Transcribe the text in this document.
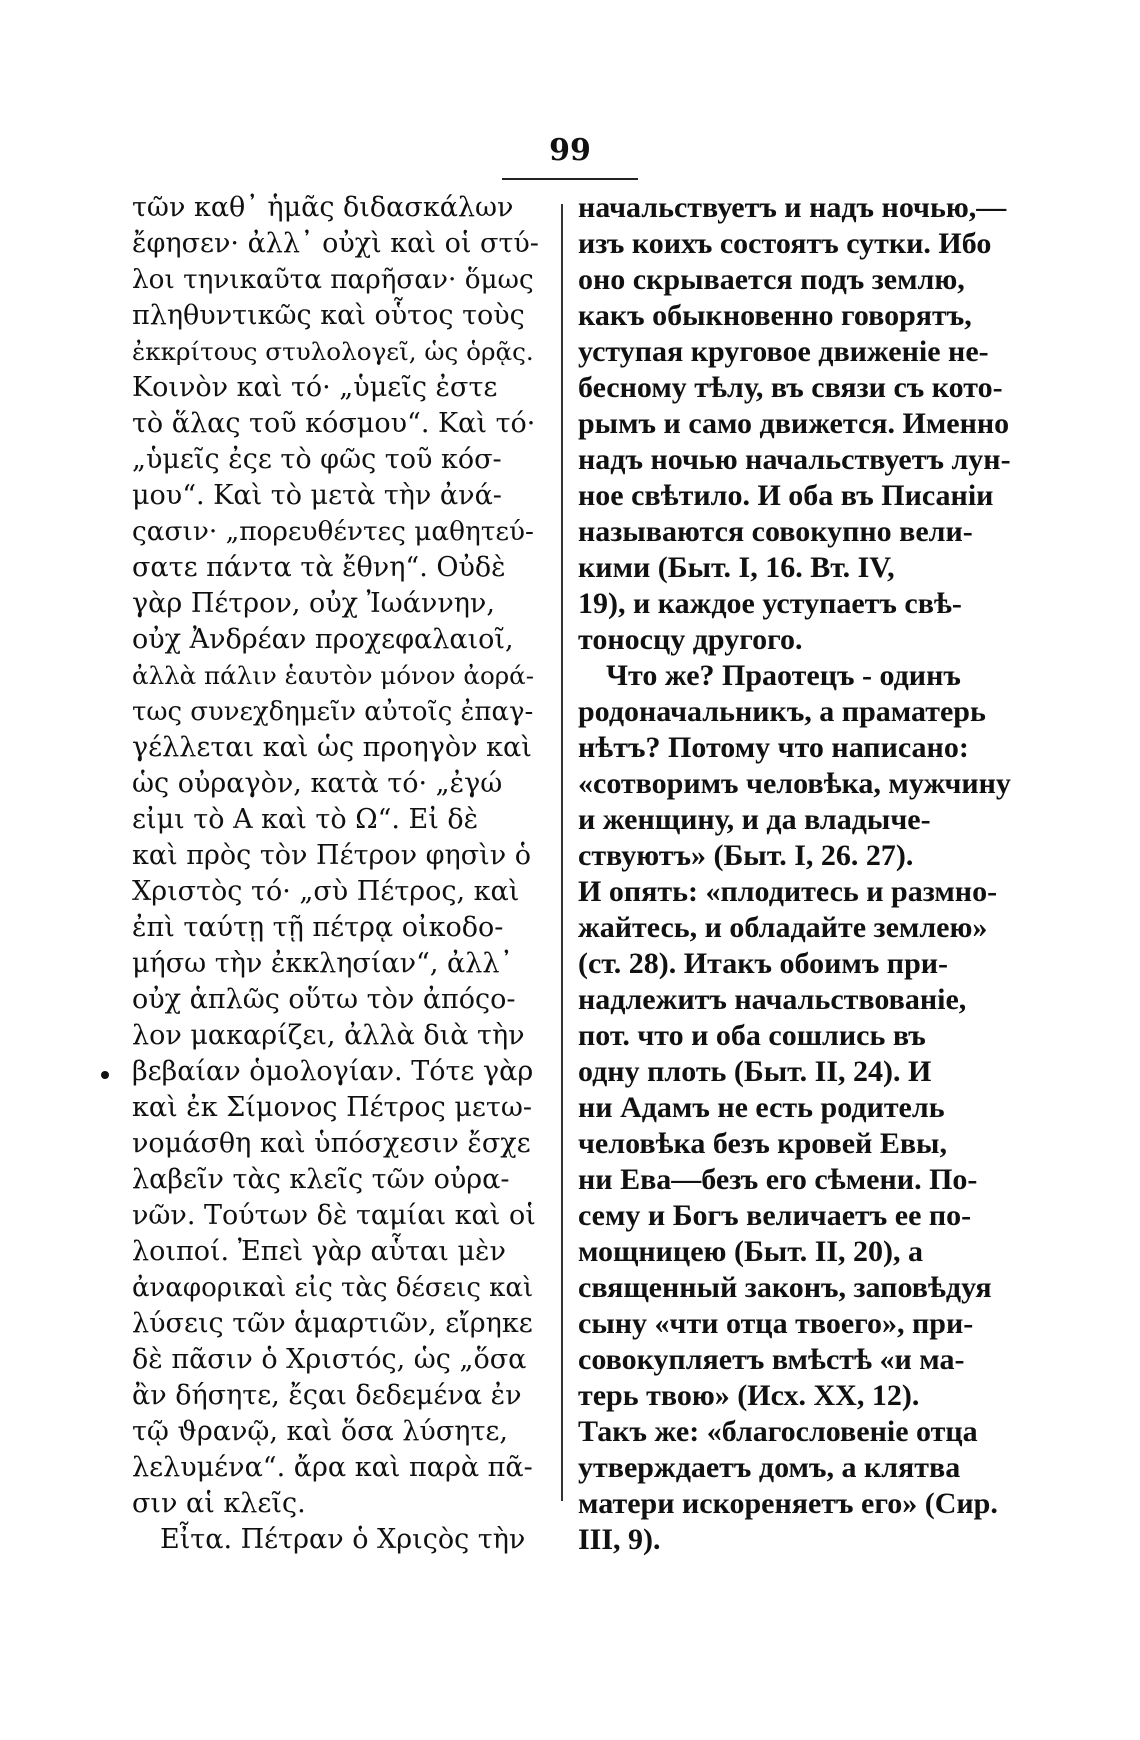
99
τῶν καθ᾽ ἡμᾶς διδασκάλων
ἔφησεν· ἀλλ᾽ οὐχὶ καὶ οἱ στύ-
λοι τηνικαῦτα παρῆσαν· ὅμως
πληθυντικῶς καὶ οὗτος τοὺς
ἐκκρίτους στυλολογεῖ, ὡς ὁρᾷς.
Κοινὸν καὶ τό· „ὑμεῖς ἐστε
τὸ ἅλας τοῦ κόσμου“. Καὶ τό·
„ὑμεῖς ἐςε τὸ φῶς τοῦ κόσ-
μου“. Καὶ τὸ μετὰ τὴν ἀνά-
ςασιν· „πορευθέντες μαθητεύ-
σατε πάντα τὰ ἔθνη“. Οὐδὲ
γὰρ Πέτρον, οὐχ Ἰωάννην,
οὐχ Ἀνδρέαν προχεφαλαιοῖ,
ἀλλὰ πάλιν ἑαυτὸν μόνον ἀορά-
τως συνεχδημεῖν αὐτοῖς ἐπαγ-
γέλλεται καὶ ὡς προηγὸν καὶ
ὡς οὐραγὸν, κατὰ τό· „ἐγώ
εἰμι τὸ Α καὶ τὸ Ω“. Εἰ δὲ
καὶ πρὸς τὸν Πέτρον φησὶν ὁ
Χριστὸς τό· „σὺ Πέτρος, καὶ
ἐπὶ ταύτῃ τῇ πέτρᾳ οἰκοδο-
μήσω τὴν ἐκκλησίαν“, ἀλλ᾽
οὐχ ἁπλῶς οὕτω τὸν ἀπόςο-
λον μακαρίζει, ἀλλὰ διὰ τὴν
βεβαίαν ὁμολογίαν. Τότε γὰρ
καὶ ἐκ Σίμονος Πέτρος μετω-
νομάσθη καὶ ὑπόσχεσιν ἔσχε
λαβεῖν τὰς κλεῖς τῶν οὐρα-
νῶν. Τούτων δὲ ταμίαι καὶ οἱ
λοιποί. Ἐπεὶ γὰρ αὗται μὲν
ἀναφορικαὶ εἰς τὰς δέσεις καὶ
λύσεις τῶν ἁμαρτιῶν, εἴρηκε
δὲ πᾶσιν ὁ Χριστός, ὡς „ὅσα
ἂν δήσητε, ἔςαι δεδεμένα ἐν
τῷ ϑρανῷ, καὶ ὅσα λύσητε,
λελυμένα“. ἄρα καὶ παρὰ πᾶ-
σιν αἱ κλεῖς.
Εἶτα. Πέτραν ὁ Χριςὸς τὴν
начальствуетъ и надъ ночью,—
изъ коихъ состоятъ сутки. Ибо
оно скрывается подъ землю,
какъ обыкновенно говорятъ,
уступая круговое движенiе не-
бесному тѣлу, въ связи съ кото-
рымъ и само движется. Именно
надъ ночью начальствуетъ лун-
ное свѣтило. И оба въ Писанiи
называются совокупно вели-
кими (Быт. I, 16. Вт. IV,
19), и каждое уступаетъ свѣ-
тоносцу другого.
Что же? Праотецъ - одинъ
родоначальникъ, а праматерь
нѣтъ? Потому что написано:
«сотворимъ человѣка, мужчину
и женщину, и да владыче-
ствуютъ» (Быт. I, 26. 27).
И опять: «плодитесь и размно-
жайтесь, и обладайте землею»
(ст. 28). Итакъ обоимъ при-
надлежитъ начальствованiе,
пот. что и оба сошлись въ
одну плоть (Быт. II, 24). И
ни Адамъ не есть родитель
человѣка безъ кровей Евы,
ни Ева—безъ его сѣмени. По-
сему и Богъ величаетъ ее по-
мощницею (Быт. II, 20), а
священный законъ, заповѣдуя
сыну «чти отца твоего», при-
совокупляетъ вмѣстѣ «и ма-
терь твою» (Исх. XX, 12).
Такъ же: «благословенiе отца
утверждаетъ домъ, а клятва
матери искореняетъ его» (Сир.
III, 9).
